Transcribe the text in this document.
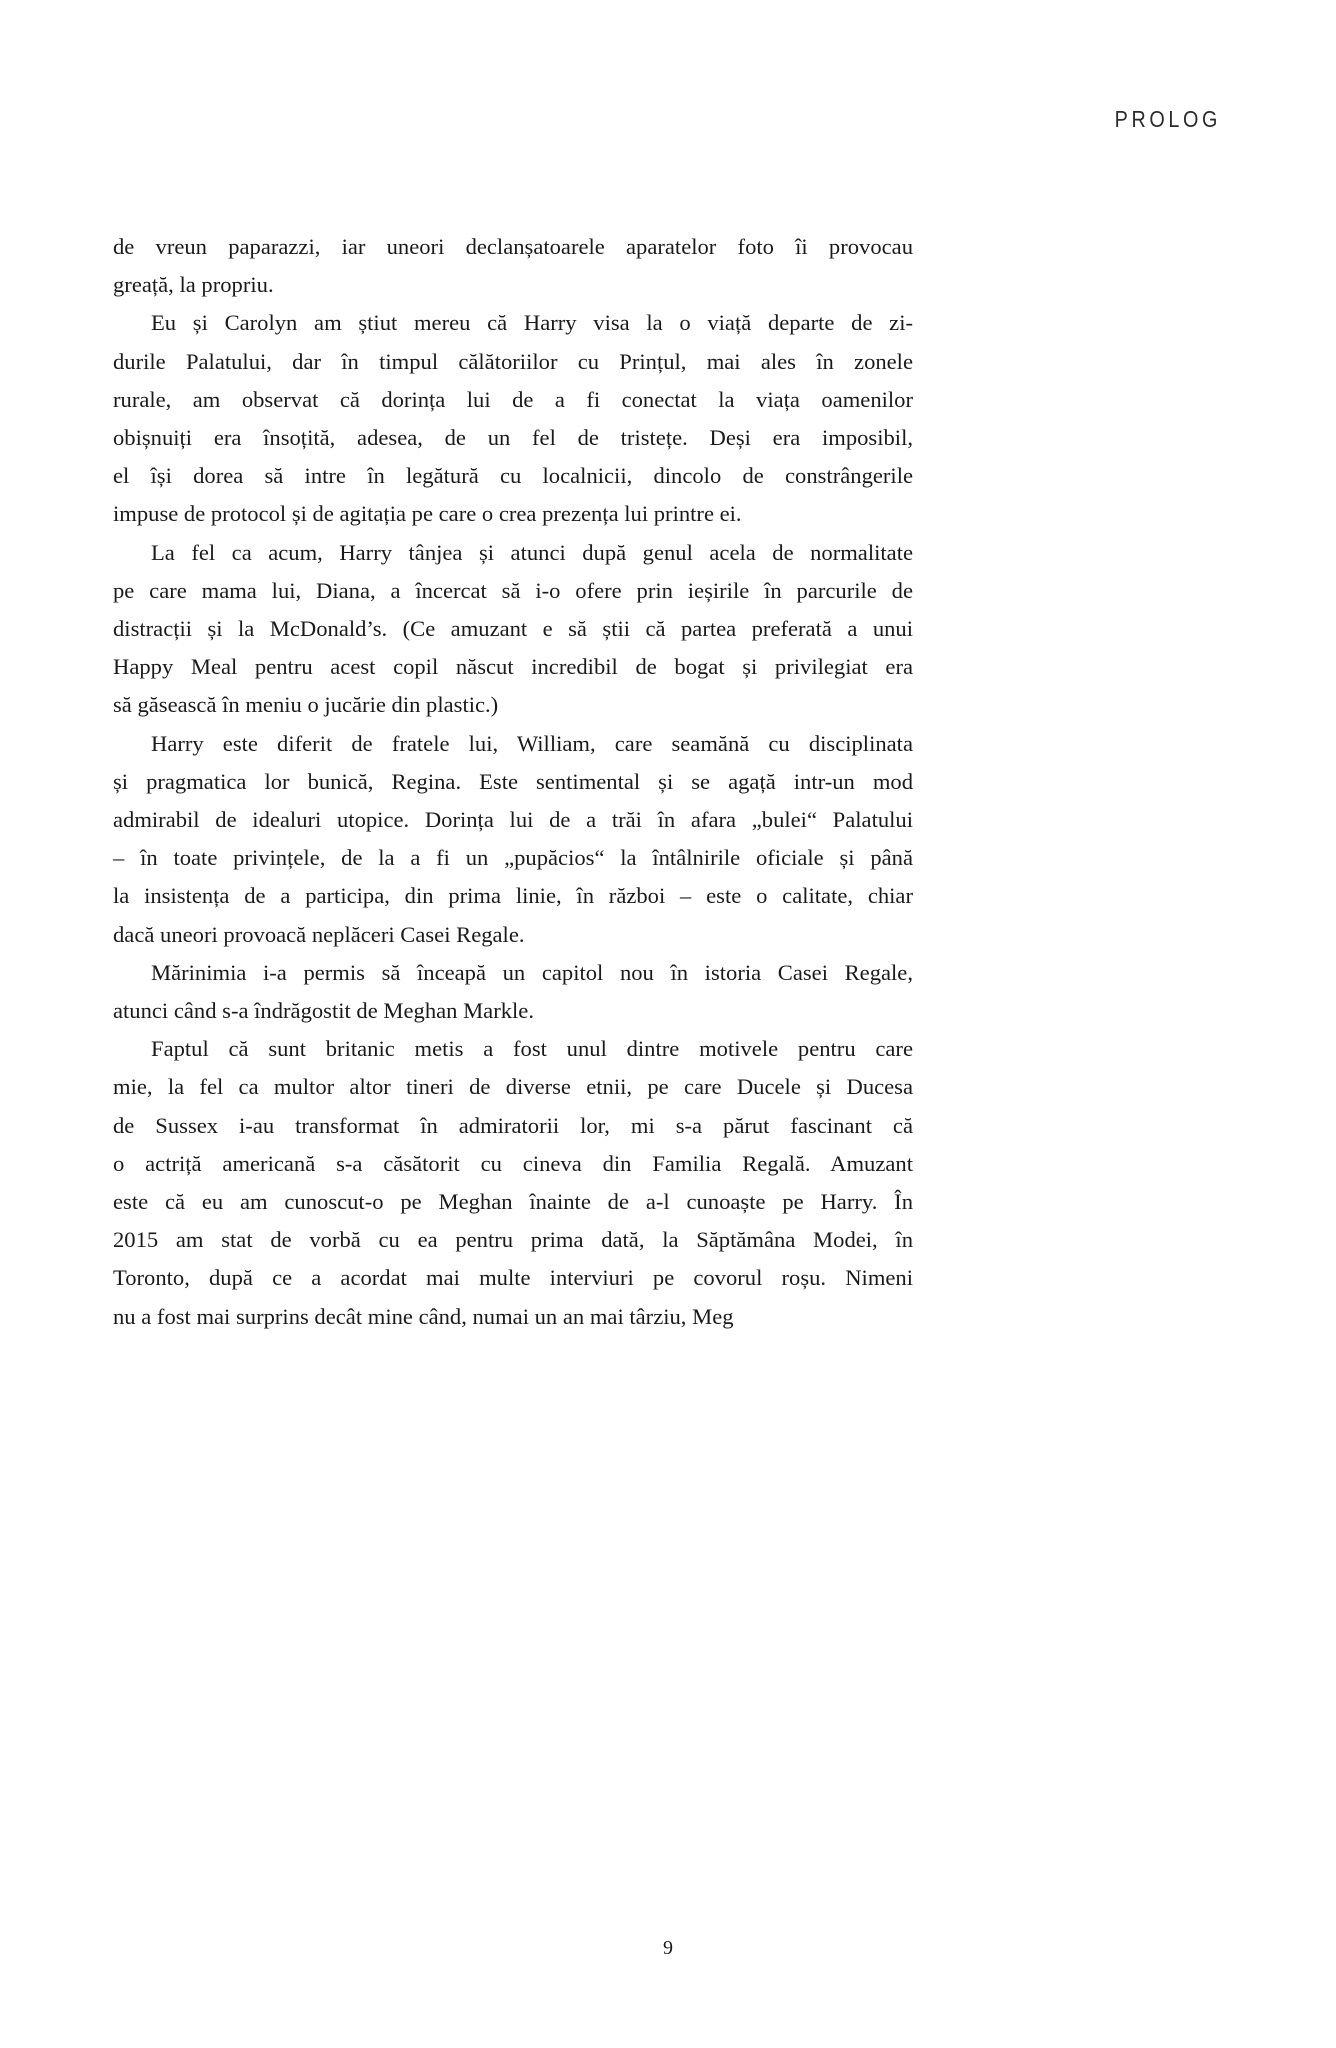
PROLOG

de vreun paparazzi, iar uneori declanșatoarele aparatelor foto îi provocau
greață, la propriu.

Eu și Carolyn am știut mereu că Harry visa la o viață departe de zi-
durile Palatului, dar în timpul călătoriilor cu Prințul, mai ales în zonele
rurale, am observat că dorința lui de a fi conectat la viața oamenilor
obișnuiți era însoțită, adesea, de un fel de tristețe. Deși era imposibil,
el își dorea să intre în legătură cu localnicii, dincolo de constrângerile
impuse de protocol și de agitația pe care o crea prezența lui printre ei.

La fel ca acum, Harry tânjea și atunci după genul acela de normalitate
pe care mama lui, Diana, a încercat să i-o ofere prin ieșirile în parcurile de
distracții și la McDonald’s. (Ce amuzant e să știi că partea preferată a unui
Happy Meal pentru acest copil născut incredibil de bogat și privilegiat era
să găsească în meniu o jucărie din plastic.)

Harry este diferit de fratele lui, William, care seamănă cu disciplinata
și pragmatica lor bunică, Regina. Este sentimental și se agață intr-un mod
admirabil de idealuri utopice. Dorința lui de a trăi în afara „bulei“ Palatului
– în toate privințele, de la a fi un „pupăcios“ la întâlnirile oficiale și până
la insistența de a participa, din prima linie, în război – este o calitate, chiar
dacă uneori provoacă neplăceri Casei Regale.

Mărinimia i-a permis să înceapă un capitol nou în istoria Casei Regale,
atunci când s-a îndrăgostit de Meghan Markle.

Faptul că sunt britanic metis a fost unul dintre motivele pentru care
mie, la fel ca multor altor tineri de diverse etnii, pe care Ducele și Ducesa
de Sussex i-au transformat în admiratorii lor, mi s-a părut fascinant că
o actriță americană s-a căsătorit cu cineva din Familia Regală. Amuzant
este că eu am cunoscut-o pe Meghan înainte de a-l cunoaște pe Harry. În
2015 am stat de vorbă cu ea pentru prima dată, la Săptămâna Modei, în
Toronto, după ce a acordat mai multe interviuri pe covorul roșu. Nimeni
nu a fost mai surprins decât mine când, numai un an mai târziu, Meg

9
